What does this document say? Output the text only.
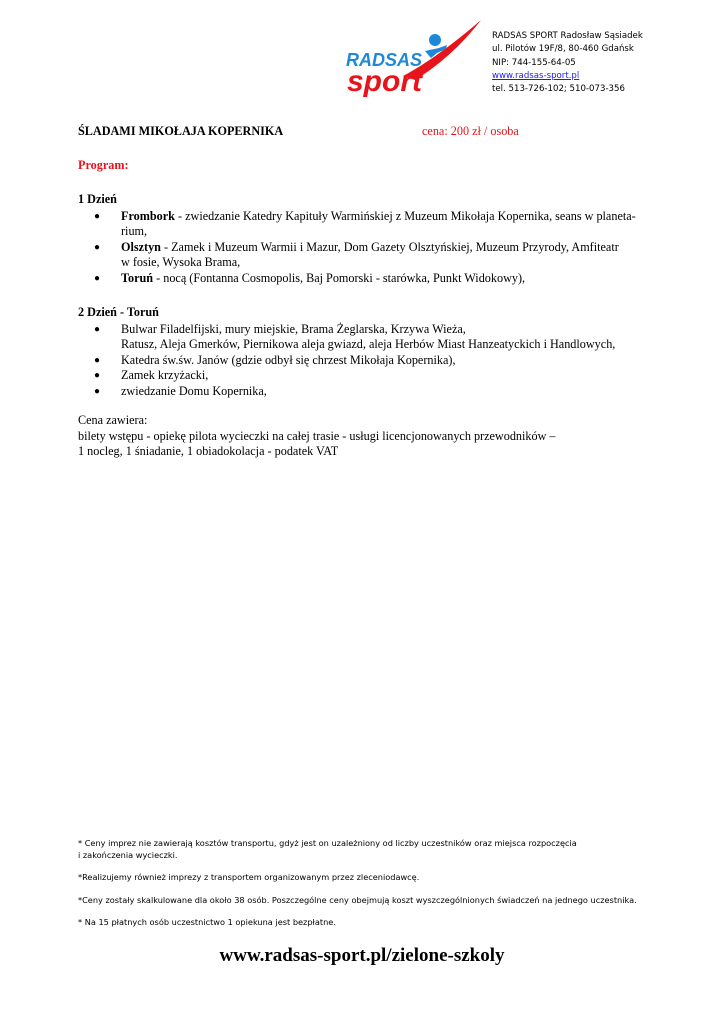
RADSAS
sport
RADSAS SPORT Radosław Sąsiadek
ul. Pilotów 19F/8, 80-460 Gdańsk
NIP: 744-155-64-05
www.radsas-sport.pl
tel. 513-726-102; 510-073-356
ŚLADAMI MIKOŁAJA KOPERNIKA	cena: 200 zł / osoba
Program:
1 Dzień
● Frombork - zwiedzanie Katedry Kapituły Warmińskiej z Muzeum Mikołaja Kopernika, seans w planeta-
rium,
● Olsztyn - Zamek i Muzeum Warmii i Mazur, Dom Gazety Olsztyńskiej, Muzeum Przyrody, Amfiteatr
w fosie, Wysoka Brama,
● Toruń - nocą (Fontanna Cosmopolis, Baj Pomorski - starówka, Punkt Widokowy),
2 Dzień - Toruń
● Bulwar Filadelfijski, mury miejskie, Brama Żeglarska, Krzywa Wieża,
Ratusz, Aleja Gmerków, Piernikowa aleja gwiazd, aleja Herbów Miast Hanzeatyckich i Handlowych,
● Katedra św.św. Janów (gdzie odbył się chrzest Mikołaja Kopernika),
● Zamek krzyżacki,
● zwiedzanie Domu Kopernika,
Cena zawiera:
bilety wstępu - opiekę pilota wycieczki na całej trasie - usługi licencjonowanych przewodników –
1 nocleg, 1 śniadanie, 1 obiadokolacja - podatek VAT

* Ceny imprez nie zawierają kosztów transportu, gdyż jest on uzależniony od liczby uczestników oraz miejsca rozpoczęcia
i zakończenia wycieczki.

*Realizujemy również imprezy z transportem organizowanym przez zleceniodawcę.

*Ceny zostały skalkulowane dla około 38 osób. Poszczególne ceny obejmują koszt wyszczególnionych świadczeń na jednego uczestnika.

* Na 15 płatnych osób uczestnictwo 1 opiekuna jest bezpłatne.

www.radsas-sport.pl/zielone-szkoly
